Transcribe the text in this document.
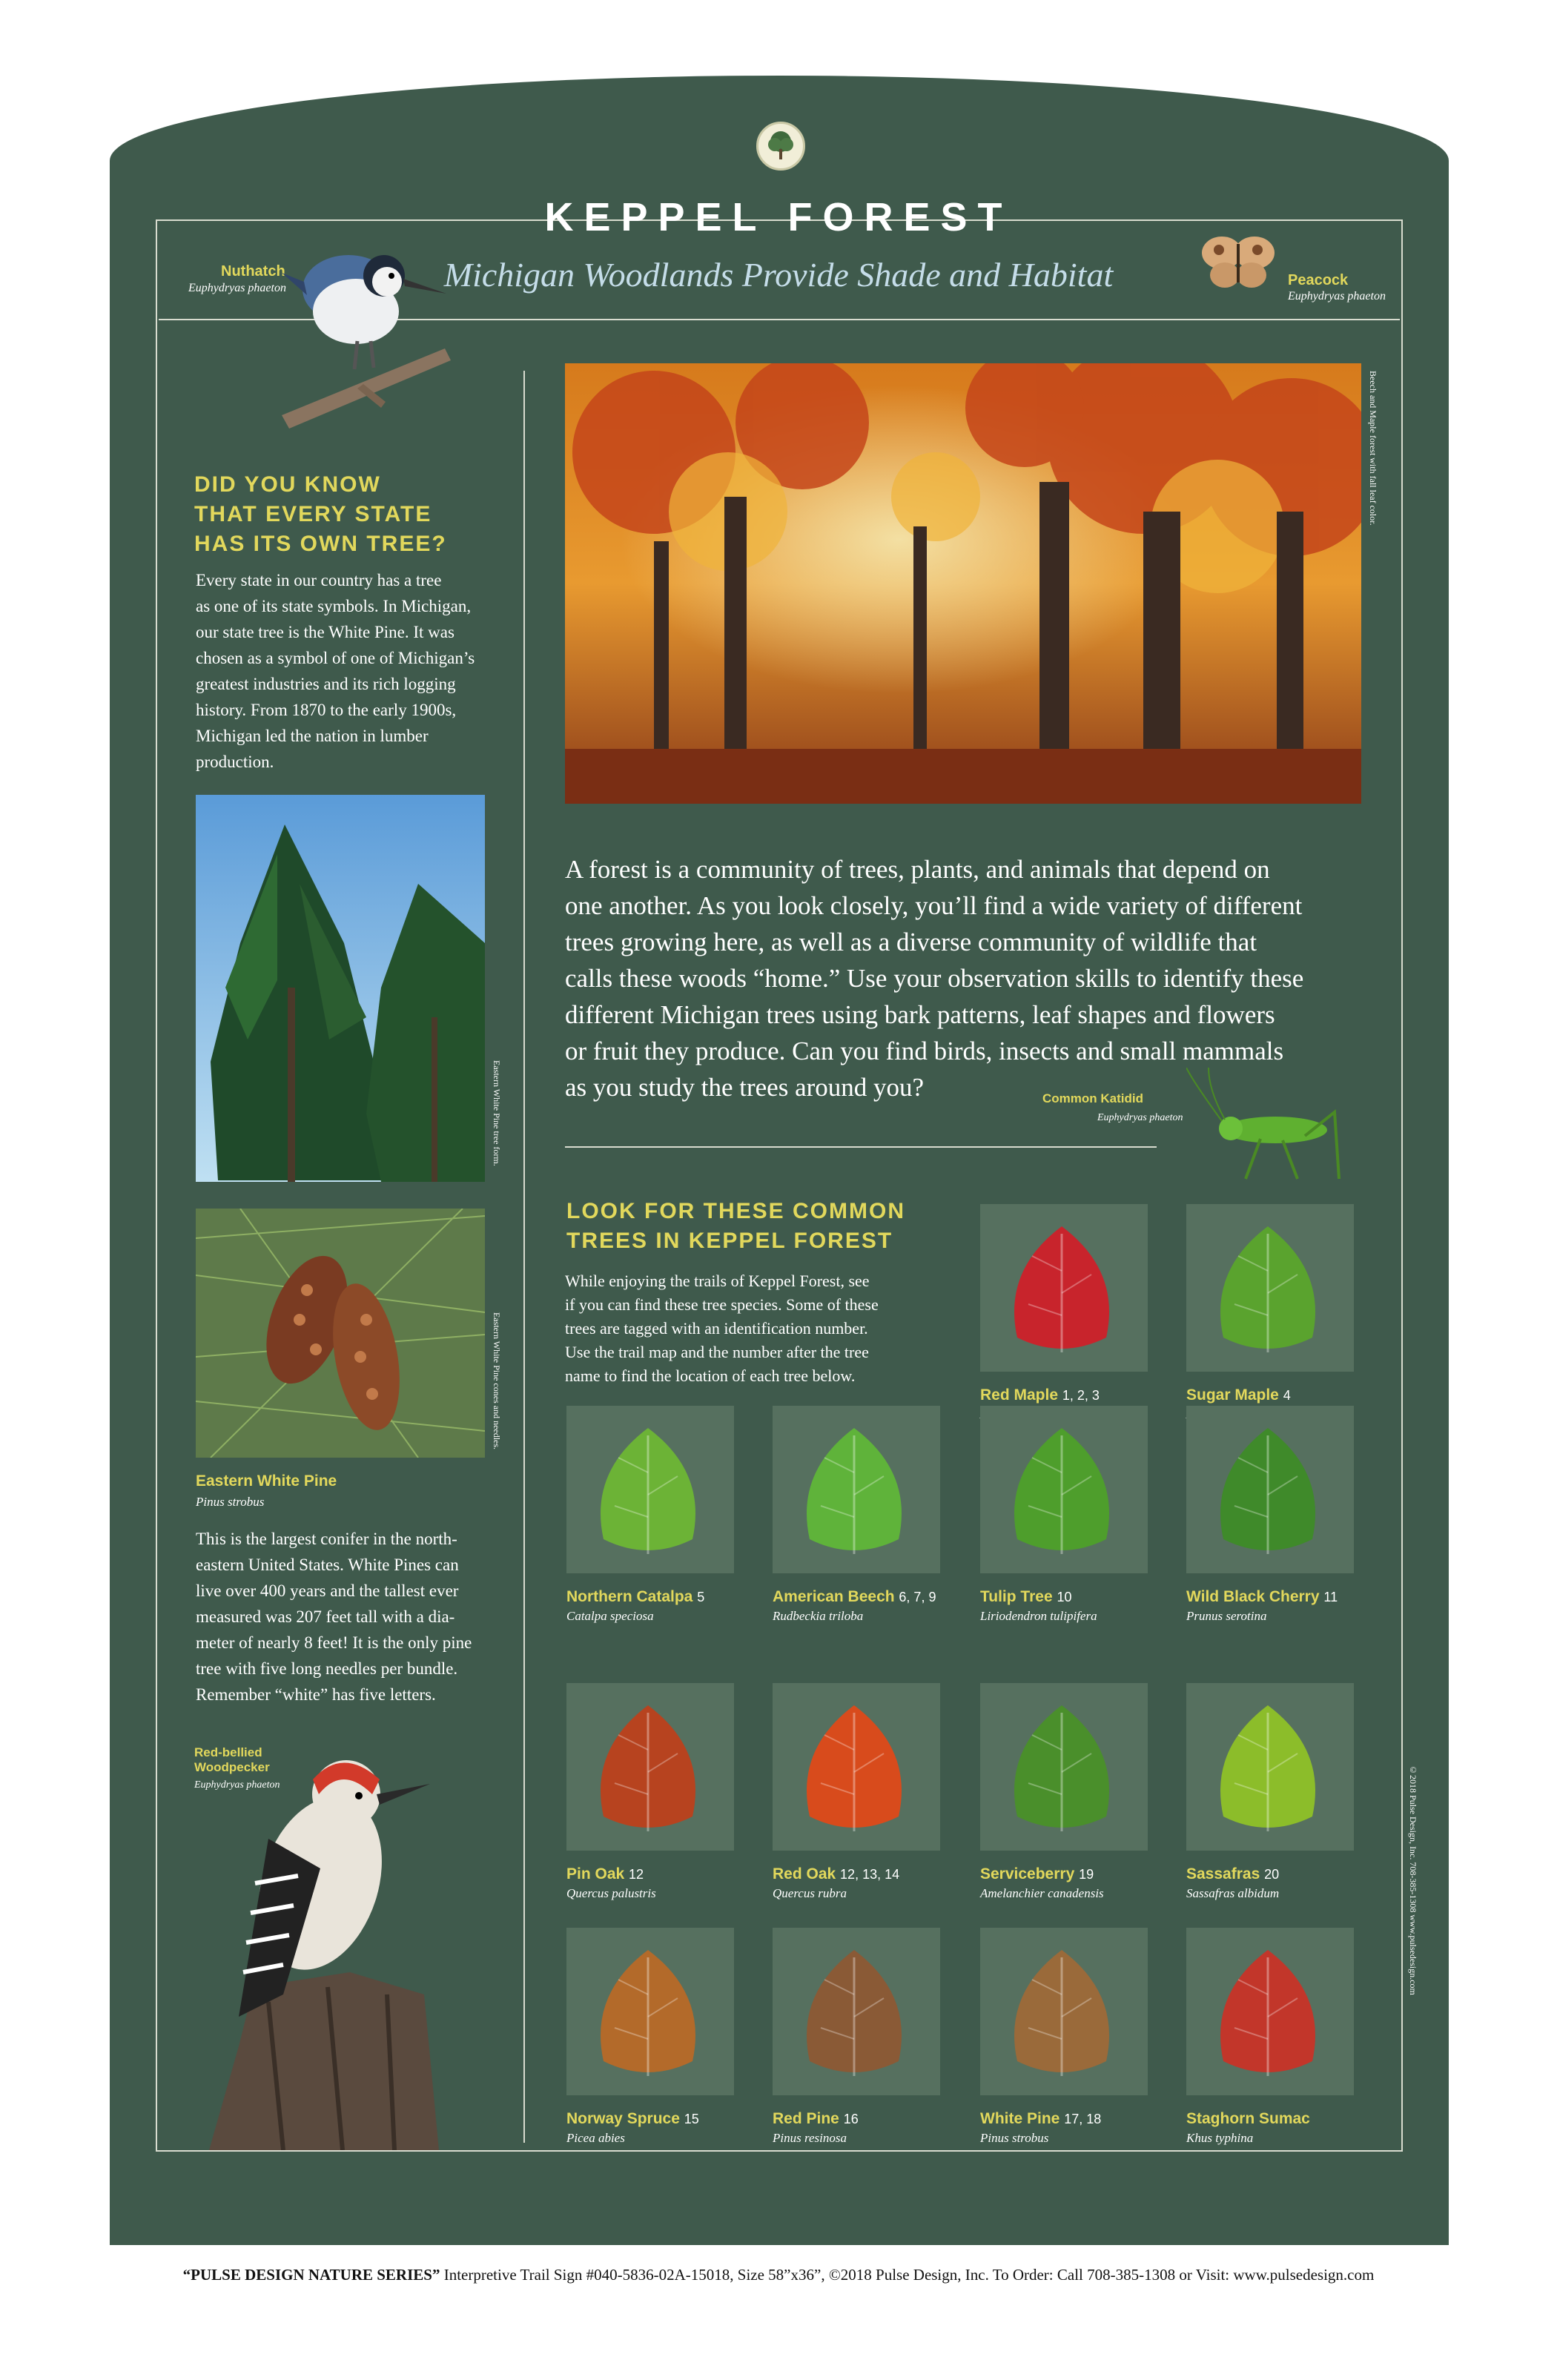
KEPPEL FOREST
Michigan Woodlands Provide Shade and Habitat
Nuthatch
Euphydryas phaeton	Peacock
Euphydryas phaeton
DID YOU KNOW
THAT EVERY STATE
HAS ITS OWN TREE?
Every state in our country has a tree
as one of its state symbols. In Michigan,
our state tree is the White Pine. It was
chosen as a symbol of one of Michigan’s
greatest industries and its rich logging
history. From 1870 to the early 1900s,
Michigan led the nation in lumber
production.
Eastern White Pine tree form.
Eastern White Pine cones and needles.
Eastern White Pine
Pinus strobus
This is the largest conifer in the north-
eastern United States. White Pines can
live over 400 years and the tallest ever
measured was 207 feet tall with a dia-
meter of nearly 8 feet! It is the only pine
tree with five long needles per bundle.
Remember “white” has five letters.
Red-bellied
Woodpecker
Euphydryas phaeton
Beech and Maple forest with fall leaf color.
A forest is a community of trees, plants, and animals that depend on
one another. As you look closely, you’ll find a wide variety of different
trees growing here, as well as a diverse community of wildlife that
calls these woods “home.” Use your observation skills to identify these
different Michigan trees using bark patterns, leaf shapes and flowers
or fruit they produce. Can you find birds, insects and small mammals
as you study the trees around you?	Common Katidid
Euphydryas phaeton
LOOK FOR THESE COMMON
TREES IN KEPPEL FOREST
While enjoying the trails of Keppel Forest, see
if you can find these tree species. Some of these
trees are tagged with an identification number.
Use the trail map and the number after the tree
name to find the location of each tree below.
Red Maple 1, 2, 3	Sugar Maple 4
Northern Catalpa 5
Catalpa speciosa
American Beech 6, 7, 9
Rudbeckia triloba
Tulip Tree 10
Liriodendron tulipifera
Wild Black Cherry 11
Prunus serotina
Pin Oak 12
Quercus palustris
Red Oak 12, 13, 14
Quercus rubra
Serviceberry 19
Amelanchier canadensis
Sassafras 20
Sassafras albidum
Norway Spruce 15
Picea abies
Red Pine 16
Pinus resinosa
White Pine 17, 18
Pinus strobus
Staghorn Sumac
Khus typhina
©2018 Pulse Design, Inc. 708-385-1308 www.pulsedesign.com
“PULSE DESIGN NATURE SERIES” Interpretive Trail Sign #040-5836-02A-15018, Size 58”x36”, ©2018 Pulse Design, Inc. To Order: Call 708-385-1308 or Visit: www.pulsedesign.com
